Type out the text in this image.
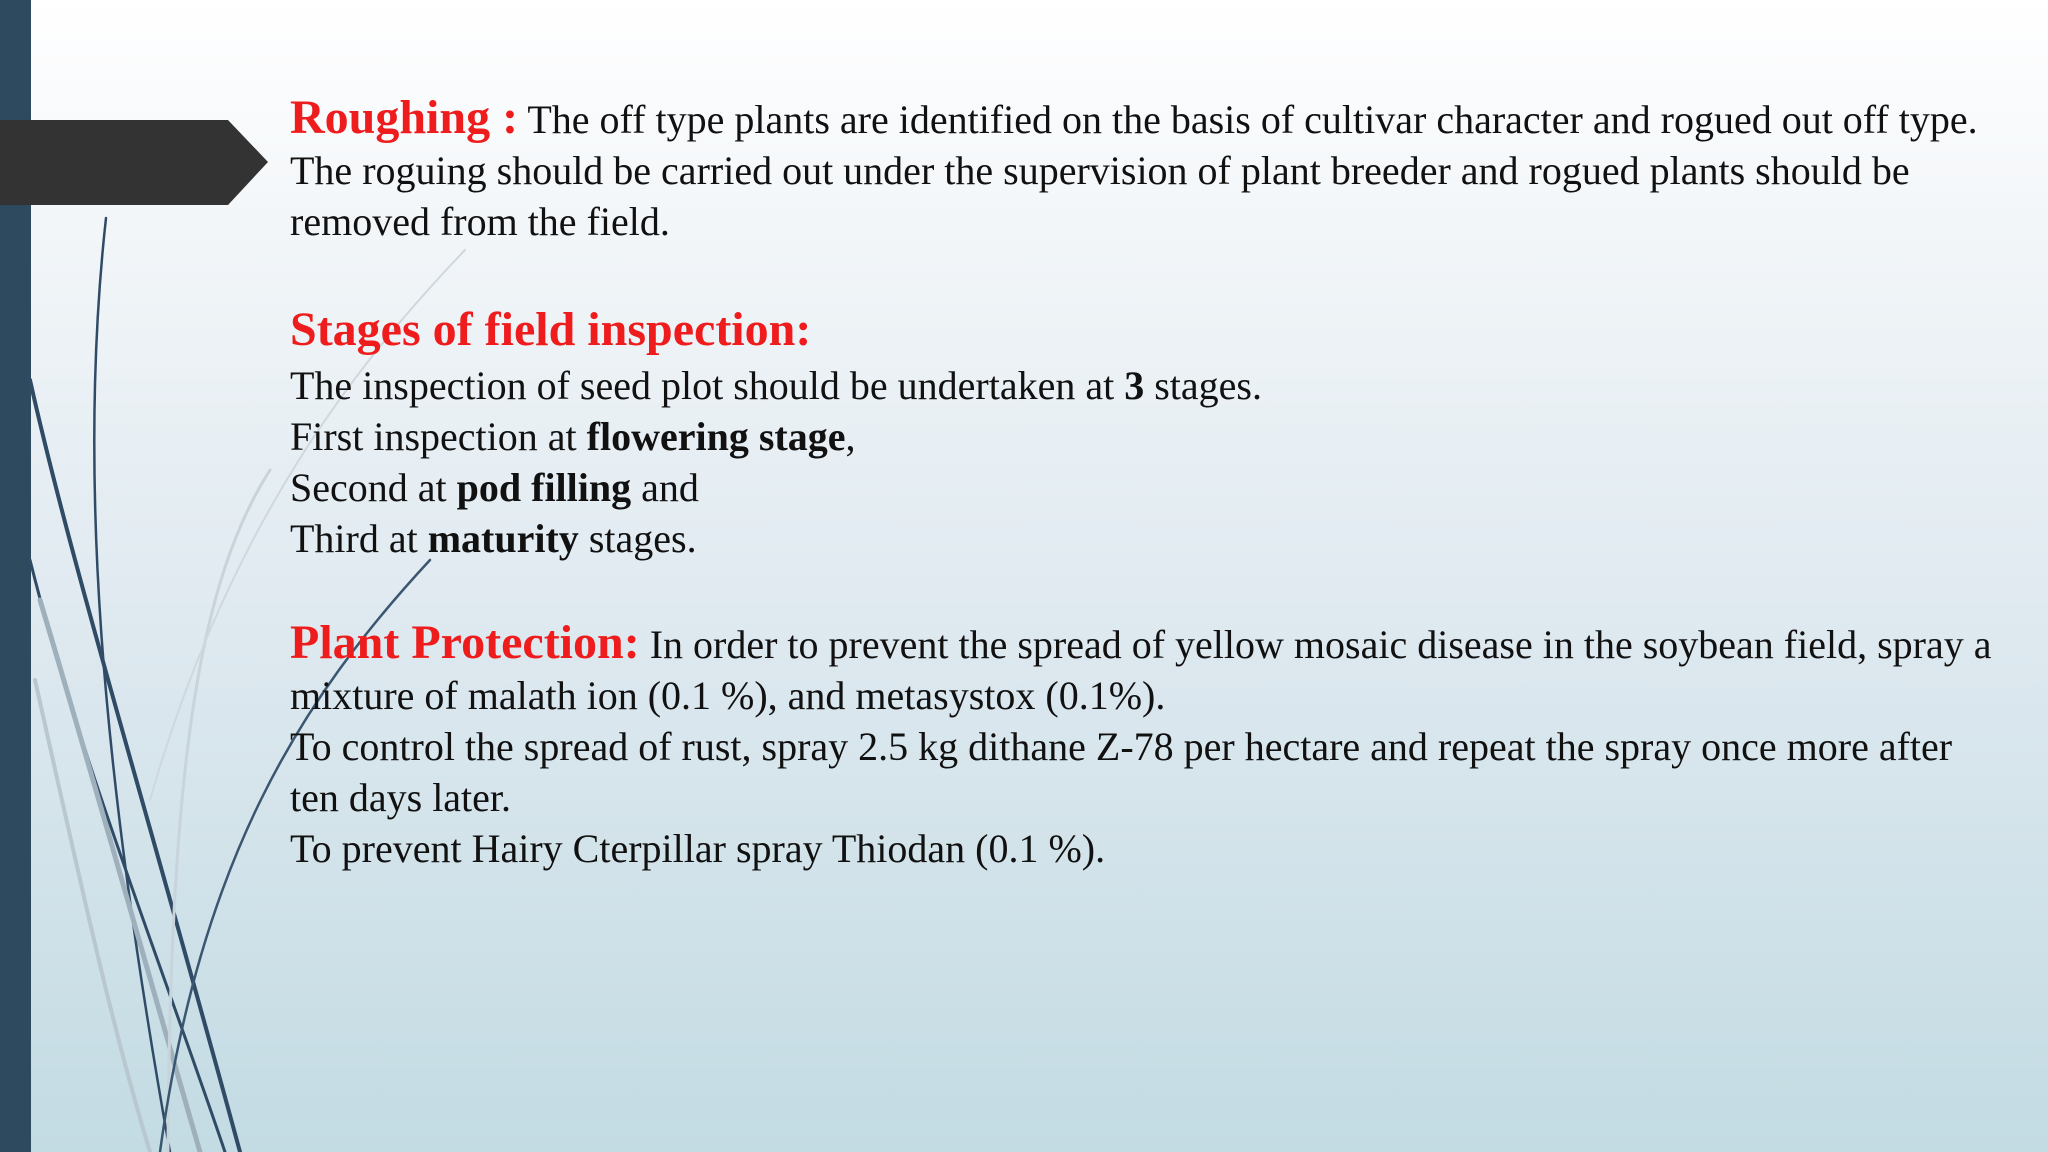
Roughing : The off type plants are identified on the basis of cultivar character and rogued out off type. The roguing should be carried out under the supervision of plant breeder and rogued plants should be removed from the field.

Stages of field inspection:

The inspection of seed plot should be undertaken at 3 stages.

First inspection at flowering stage,

Second at pod filling and

Third at maturity stages.

Plant Protection: In order to prevent the spread of yellow mosaic disease in the soybean field, spray a mixture of malath ion (0.1 %), and metasystox (0.1%).

To control the spread of rust, spray 2.5 kg dithane Z-78 per hectare and repeat the spray once more after ten days later.

To prevent Hairy Cterpillar spray Thiodan (0.1 %).
